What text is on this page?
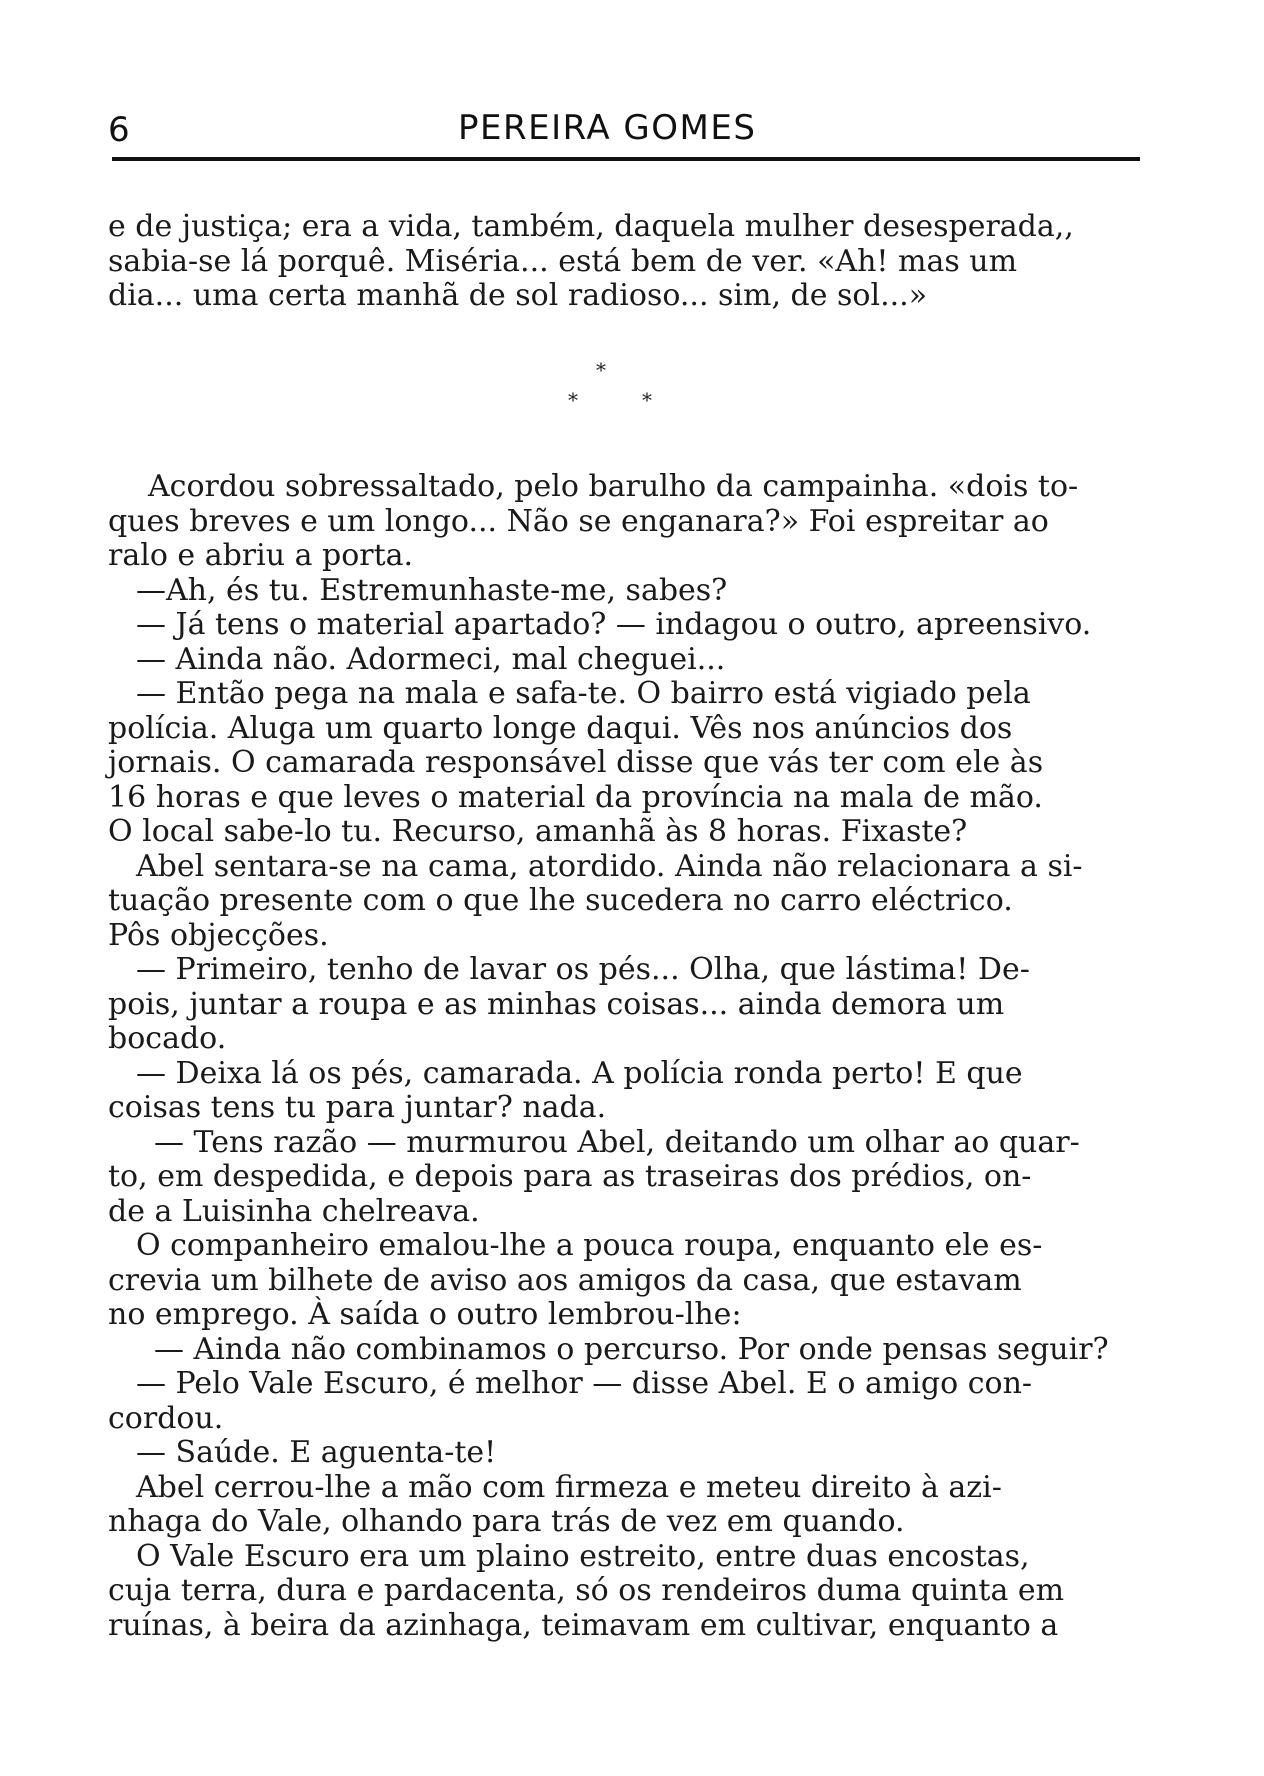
6	PEREIRA GOMES
e de justiça; era a vida, também, daquela mulher desesperada,,
sabia-se lá porquê. Miséria... está bem de ver. «Ah! mas um
dia... uma certa manhã de sol radioso... sim, de sol...»
*
*	*
Acordou sobressaltado, pelo barulho da campainha. «dois to-
ques breves e um longo... Não se enganara?» Foi espreitar ao
ralo e abriu a porta.
—Ah, és tu. Estremunhaste-me, sabes?
— Já tens o material apartado? — indagou o outro, apreensivo.
— Ainda não. Adormeci, mal cheguei...
— Então pega na mala e safa-te. O bairro está vigiado pela
polícia. Aluga um quarto longe daqui. Vês nos anúncios dos
jornais. O camarada responsável disse que vás ter com ele às
16 horas e que leves o material da província na mala de mão.
O local sabe-lo tu. Recurso, amanhã às 8 horas. Fixaste?
Abel sentara-se na cama, atordido. Ainda não relacionara a si-
tuação presente com o que lhe sucedera no carro eléctrico.
Pôs objecções.
— Primeiro, tenho de lavar os pés... Olha, que lástima! De-
pois, juntar a roupa e as minhas coisas... ainda demora um
bocado.
— Deixa lá os pés, camarada. A polícia ronda perto! E que
coisas tens tu para juntar? nada.
— Tens razão — murmurou Abel, deitando um olhar ao quar-
to, em despedida, e depois para as traseiras dos prédios, on-
de a Luisinha chelreava.
O companheiro emalou-lhe a pouca roupa, enquanto ele es-
crevia um bilhete de aviso aos amigos da casa, que estavam
no emprego. À saída o outro lembrou-lhe:
— Ainda não combinamos o percurso. Por onde pensas seguir?
— Pelo Vale Escuro, é melhor — disse Abel. E o amigo con-
cordou.
— Saúde. E aguenta-te!
Abel cerrou-lhe a mão com firmeza e meteu direito à azi-
nhaga do Vale, olhando para trás de vez em quando.
O Vale Escuro era um plaino estreito, entre duas encostas,
cuja terra, dura e pardacenta, só os rendeiros duma quinta em
ruínas, à beira da azinhaga, teimavam em cultivar, enquanto a
